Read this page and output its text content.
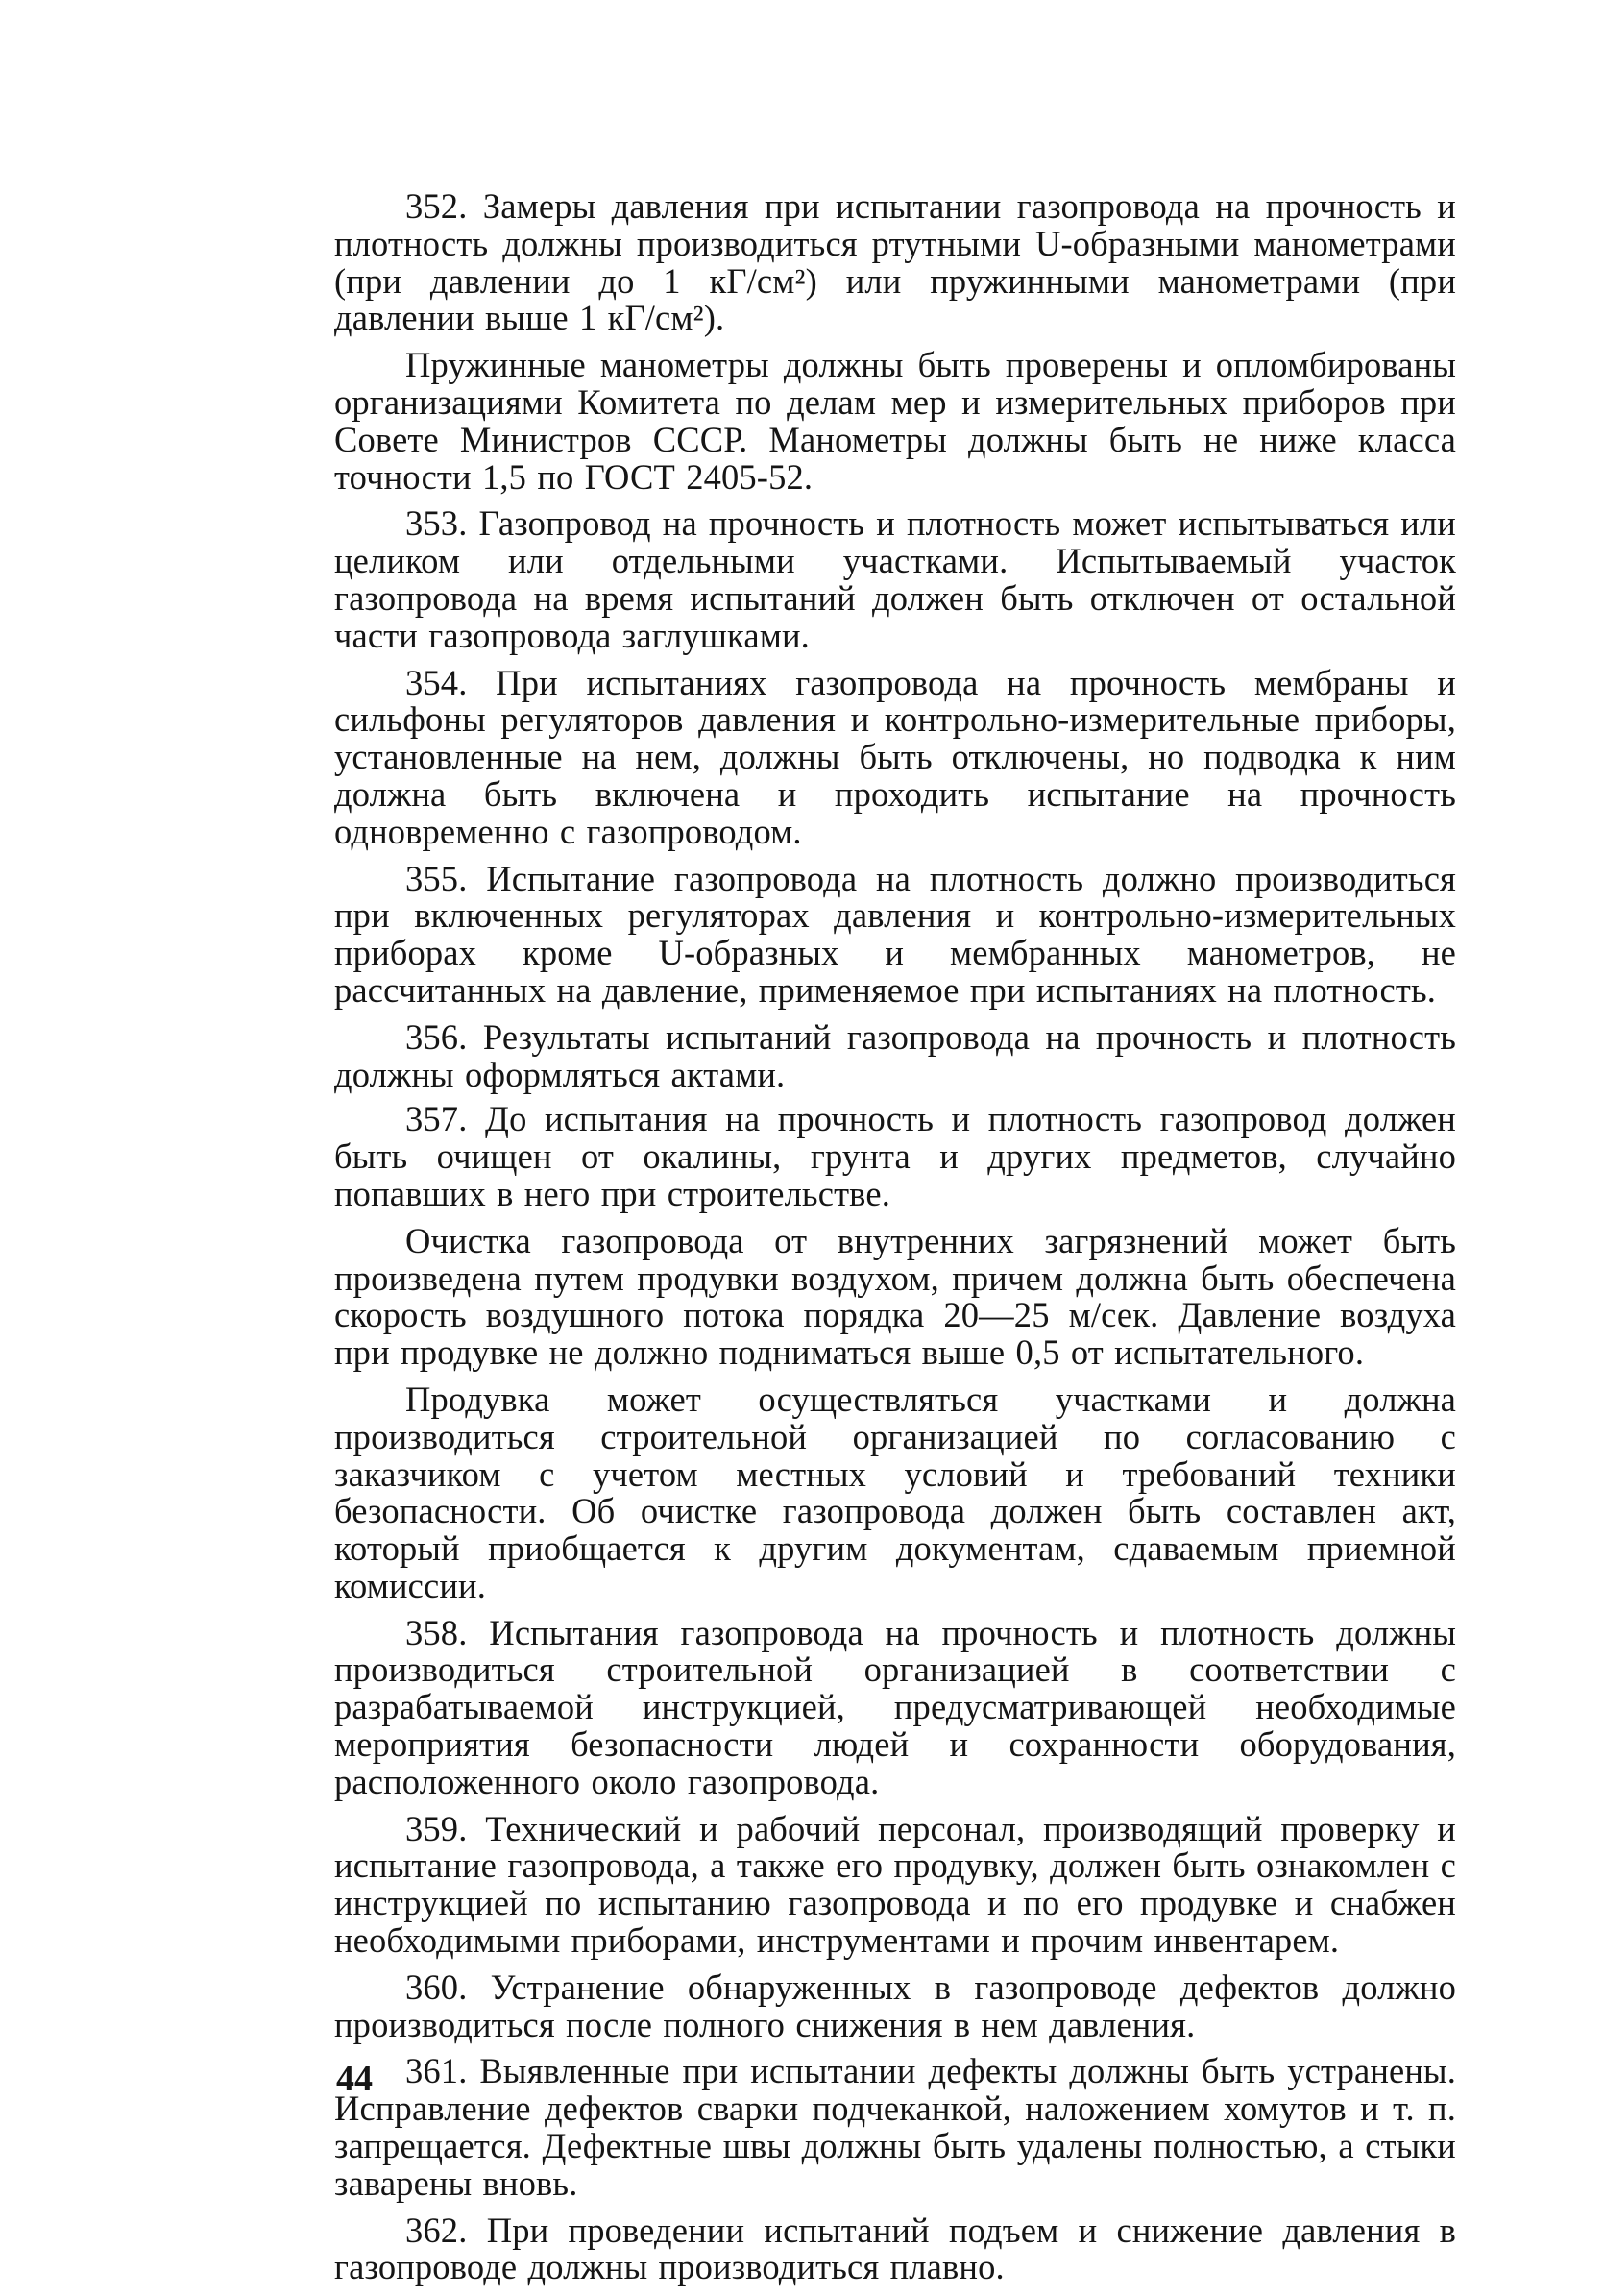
352. Замеры давления при испытании газопровода на прочность и плотность должны производиться ртутными U-образными манометрами (при давлении до 1 кГ/см²) или пружинными манометрами (при давлении выше 1 кГ/см²).

Пружинные манометры должны быть проверены и опломбированы организациями Комитета по делам мер и измерительных приборов при Совете Министров СССР. Манометры должны быть не ниже класса точности 1,5 по ГОСТ 2405-52.

353. Газопровод на прочность и плотность может испытываться или целиком или отдельными участками. Испытываемый участок газопровода на время испытаний должен быть отключен от остальной части газопровода заглушками.

354. При испытаниях газопровода на прочность мембраны и сильфоны регуляторов давления и контрольно-измерительные приборы, установленные на нем, должны быть отключены, но подводка к ним должна быть включена и проходить испытание на прочность одновременно с газопроводом.

355. Испытание газопровода на плотность должно производиться при включенных регуляторах давления и контрольно-измерительных приборах кроме U-образных и мембранных манометров, не рассчитанных на давление, применяемое при испытаниях на плотность.

356. Результаты испытаний газопровода на прочность и плотность должны оформляться актами.

357. До испытания на прочность и плотность газопровод должен быть очищен от окалины, грунта и других предметов, случайно попавших в него при строительстве.

Очистка газопровода от внутренних загрязнений может быть произведена путем продувки воздухом, причем должна быть обеспечена скорость воздушного потока порядка 20—25 м/сек. Давление воздуха при продувке не должно подниматься выше 0,5 от испытательного.

Продувка может осуществляться участками и должна производиться строительной организацией по согласованию с заказчиком с учетом местных условий и требований техники безопасности. Об очистке газопровода должен быть составлен акт, который приобщается к другим документам, сдаваемым приемной комиссии.

358. Испытания газопровода на прочность и плотность должны производиться строительной организацией в соответствии с разрабатываемой инструкцией, предусматривающей необходимые мероприятия безопасности людей и сохранности оборудования, расположенного около газопровода.

359. Технический и рабочий персонал, производящий проверку и испытание газопровода, а также его продувку, должен быть ознакомлен с инструкцией по испытанию газопровода и по его продувке и снабжен необходимыми приборами, инструментами и прочим инвентарем.

360. Устранение обнаруженных в газопроводе дефектов должно производиться после полного снижения в нем давления.

361. Выявленные при испытании дефекты должны быть устранены. Исправление дефектов сварки подчеканкой, наложением хомутов и т. п. запрещается. Дефектные швы должны быть удалены полностью, а стыки заварены вновь.

362. При проведении испытаний подъем и снижение давления в газопроводе должны производиться плавно.

44
